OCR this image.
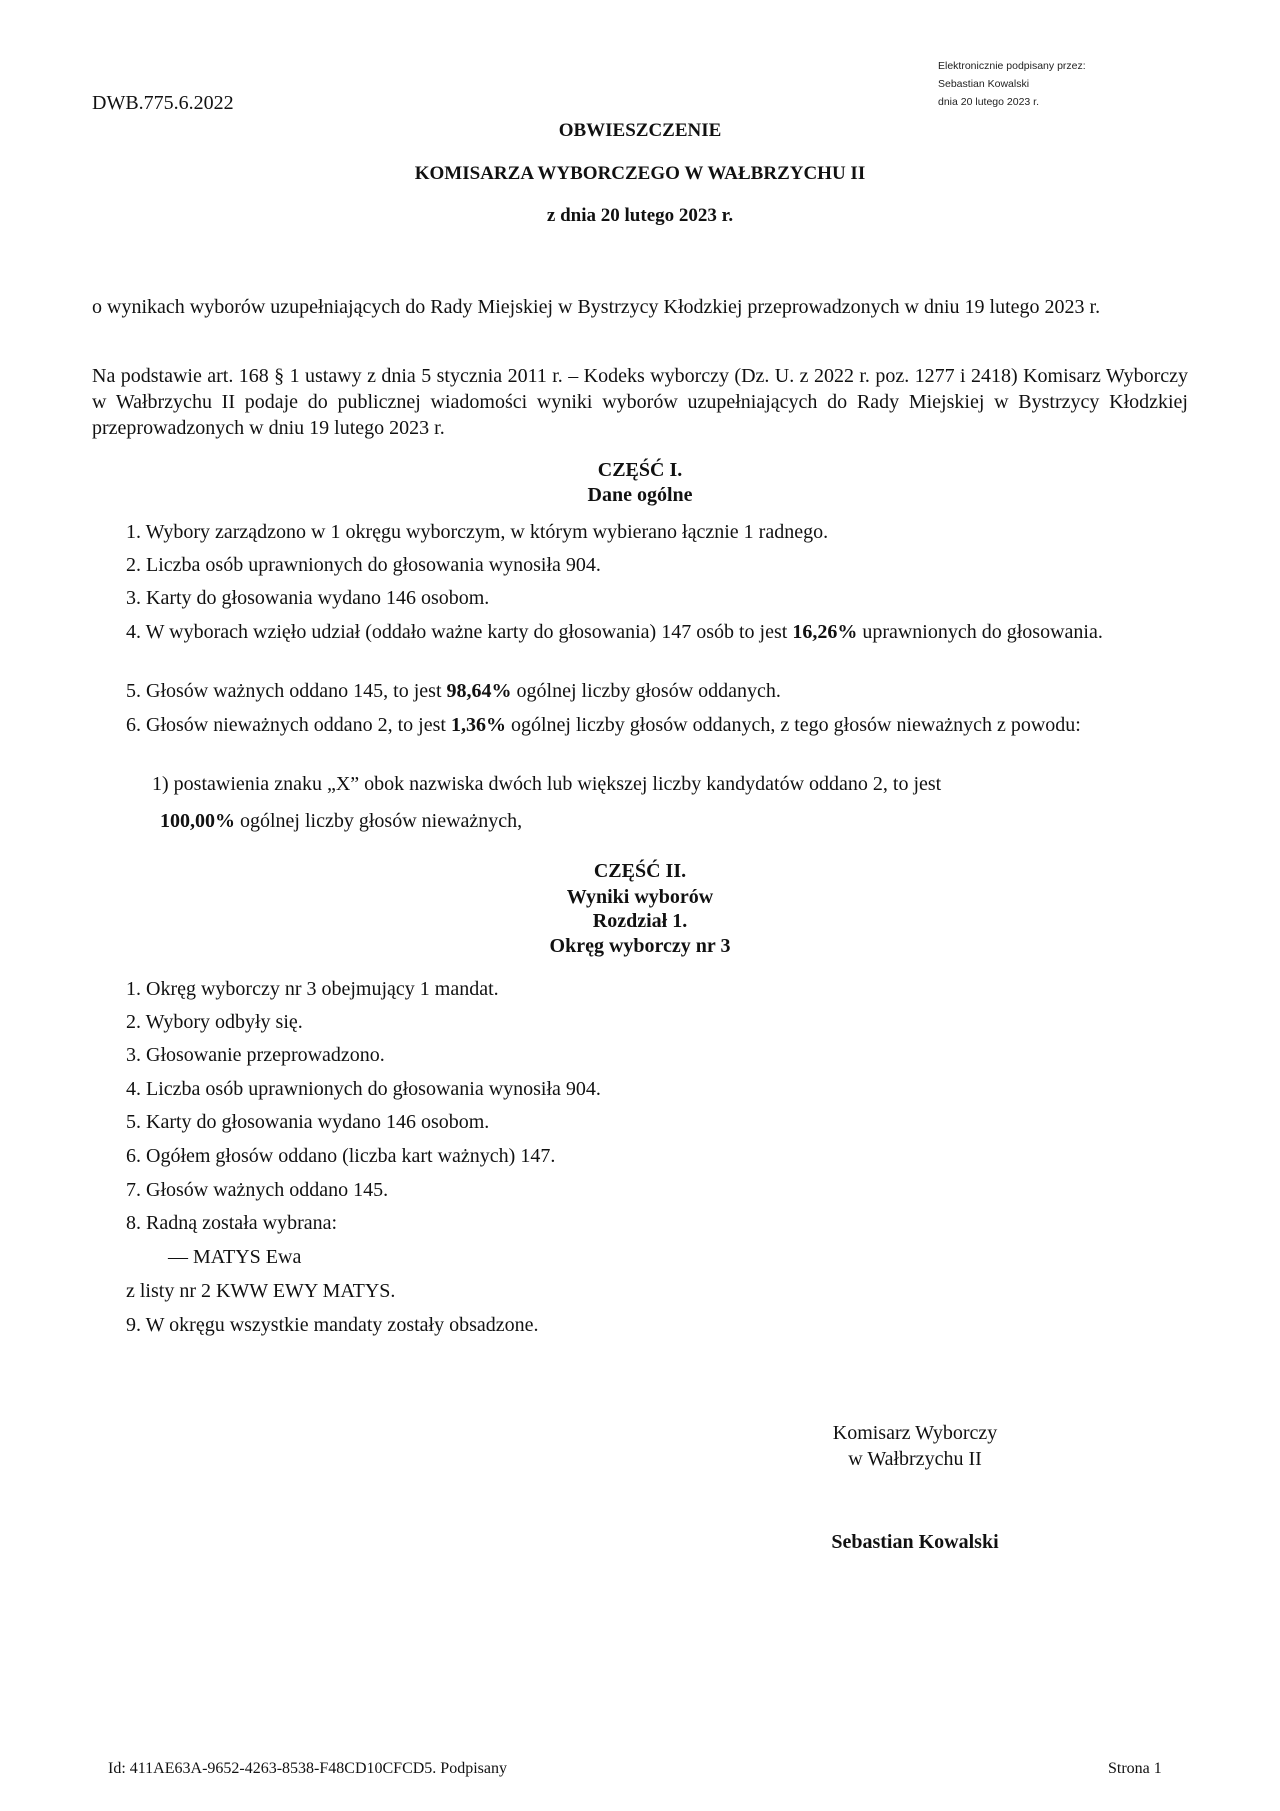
Elektronicznie podpisany przez:
Sebastian Kowalski
dnia 20 lutego 2023 r.
DWB.775.6.2022
OBWIESZCZENIE
KOMISARZA WYBORCZEGO W WAŁBRZYCHU II
z dnia 20 lutego 2023 r.
o wynikach wyborów uzupełniających do Rady Miejskiej w Bystrzycy Kłodzkiej przeprowadzonych w dniu 19 lutego 2023 r.
Na podstawie art. 168 § 1 ustawy z dnia 5 stycznia 2011 r. – Kodeks wyborczy (Dz. U. z 2022 r. poz. 1277 i 2418) Komisarz Wyborczy w Wałbrzychu II podaje do publicznej wiadomości wyniki wyborów uzupełniających do Rady Miejskiej w Bystrzycy Kłodzkiej przeprowadzonych w dniu 19 lutego 2023 r.
CZĘŚĆ I.
Dane ogólne
1. Wybory zarządzono w 1 okręgu wyborczym, w którym wybierano łącznie 1 radnego.
2. Liczba osób uprawnionych do głosowania wynosiła 904.
3. Karty do głosowania wydano 146 osobom.
4. W wyborach wzięło udział (oddało ważne karty do głosowania) 147 osób to jest 16,26% uprawnionych do głosowania.
5. Głosów ważnych oddano 145, to jest 98,64% ogólnej liczby głosów oddanych.
6. Głosów nieważnych oddano 2, to jest 1,36% ogólnej liczby głosów oddanych, z tego głosów nieważnych z powodu:
1) postawienia znaku „X” obok nazwiska dwóch lub większej liczby kandydatów oddano 2, to jest
100,00% ogólnej liczby głosów nieważnych,
CZĘŚĆ II.
Wyniki wyborów
Rozdział 1.
Okręg wyborczy nr 3
1. Okręg wyborczy nr 3 obejmujący 1 mandat.
2. Wybory odbyły się.
3. Głosowanie przeprowadzono.
4. Liczba osób uprawnionych do głosowania wynosiła 904.
5. Karty do głosowania wydano 146 osobom.
6. Ogółem głosów oddano (liczba kart ważnych) 147.
7. Głosów ważnych oddano 145.
8. Radną została wybrana:
— MATYS Ewa
z listy nr 2 KWW EWY MATYS.
9. W okręgu wszystkie mandaty zostały obsadzone.
Komisarz Wyborczy
w Wałbrzychu II
Sebastian Kowalski
Id: 411AE63A-9652-4263-8538-F48CD10CFCD5. Podpisany	Strona 1
